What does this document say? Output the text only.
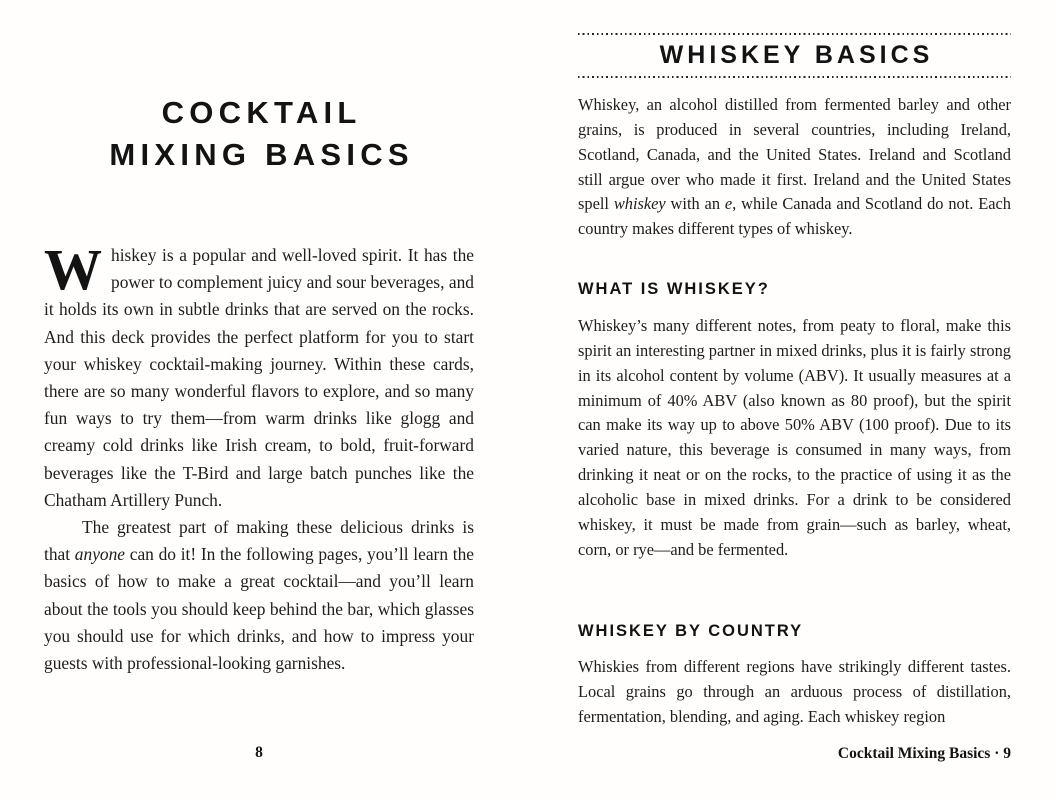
COCKTAIL
MIXING BASICS

Whiskey is a popular and well-loved spirit. It has the power to complement juicy and sour beverages, and it holds its own in subtle drinks that are served on the rocks. And this deck provides the perfect platform for you to start your whiskey cocktail-making journey. Within these cards, there are so many wonderful flavors to explore, and so many fun ways to try them—from warm drinks like glogg and creamy cold drinks like Irish cream, to bold, fruit-forward beverages like the T-Bird and large batch punches like the Chatham Artillery Punch.

The greatest part of making these delicious drinks is that anyone can do it! In the following pages, you’ll learn the basics of how to make a great cocktail—and you’ll learn about the tools you should keep behind the bar, which glasses you should use for which drinks, and how to impress your guests with professional-looking garnishes.

8
WHISKEY BASICS

Whiskey, an alcohol distilled from fermented barley and other grains, is produced in several countries, including Ireland, Scotland, Canada, and the United States. Ireland and Scotland still argue over who made it first. Ireland and the United States spell whiskey with an e, while Canada and Scotland do not. Each country makes different types of whiskey.

WHAT IS WHISKEY?

Whiskey’s many different notes, from peaty to floral, make this spirit an interesting partner in mixed drinks, plus it is fairly strong in its alcohol content by volume (ABV). It usually measures at a minimum of 40% ABV (also known as 80 proof), but the spirit can make its way up to above 50% ABV (100 proof). Due to its varied nature, this beverage is consumed in many ways, from drinking it neat or on the rocks, to the practice of using it as the alcoholic base in mixed drinks. For a drink to be considered whiskey, it must be made from grain—such as barley, wheat, corn, or rye—and be fermented.

WHISKEY BY COUNTRY

Whiskies from different regions have strikingly different tastes. Local grains go through an arduous process of distillation, fermentation, blending, and aging. Each whiskey region

Cocktail Mixing Basics · 9
